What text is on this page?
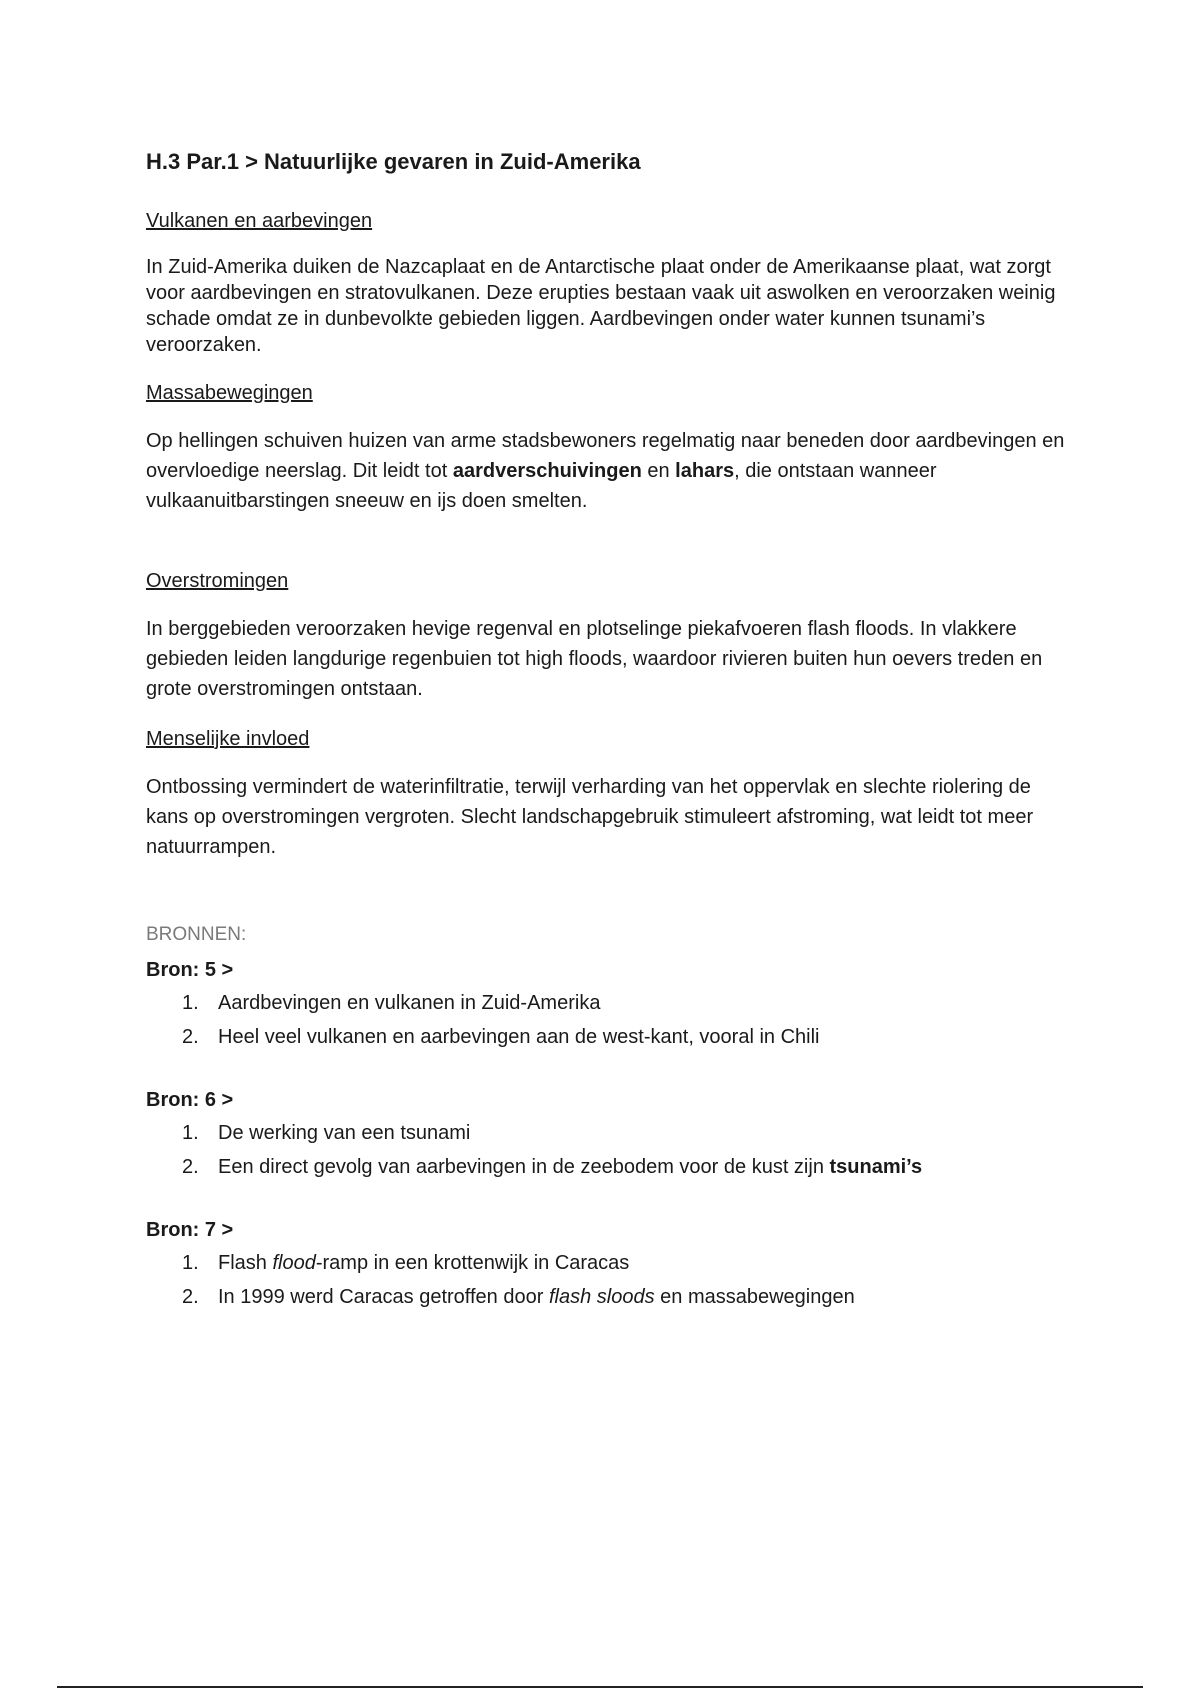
H.3 Par.1 > Natuurlijke gevaren in Zuid-Amerika
Vulkanen en aarbevingen

In Zuid-Amerika duiken de Nazcaplaat en de Antarctische plaat onder de Amerikaanse plaat, wat zorgt voor aardbevingen en stratovulkanen. Deze erupties bestaan vaak uit aswolken en veroorzaken weinig schade omdat ze in dunbevolkte gebieden liggen. Aardbevingen onder water kunnen tsunami’s veroorzaken.

Massabewegingen

Op hellingen schuiven huizen van arme stadsbewoners regelmatig naar beneden door aardbevingen en overvloedige neerslag. Dit leidt tot aardverschuivingen en lahars, die ontstaan wanneer vulkaanuitbarstingen sneeuw en ijs doen smelten.

Overstromingen

In berggebieden veroorzaken hevige regenval en plotselinge piekafvoeren flash floods. In vlakkere gebieden leiden langdurige regenbuien tot high floods, waardoor rivieren buiten hun oevers treden en grote overstromingen ontstaan.

Menselijke invloed

Ontbossing vermindert de waterinfiltratie, terwijl verharding van het oppervlak en slechte riolering de kans op overstromingen vergroten. Slecht landschapgebruik stimuleert afstroming, wat leidt tot meer natuurrampen.

BRONNEN:
Bron: 5 >
1. Aardbevingen en vulkanen in Zuid-Amerika
2. Heel veel vulkanen en aarbevingen aan de west-kant, vooral in Chili
Bron: 6 >
1. De werking van een tsunami
2. Een direct gevolg van aarbevingen in de zeebodem voor de kust zijn tsunami’s
Bron: 7 >
1. Flash flood-ramp in een krottenwijk in Caracas
2. In 1999 werd Caracas getroffen door flash sloods en massabewegingen
